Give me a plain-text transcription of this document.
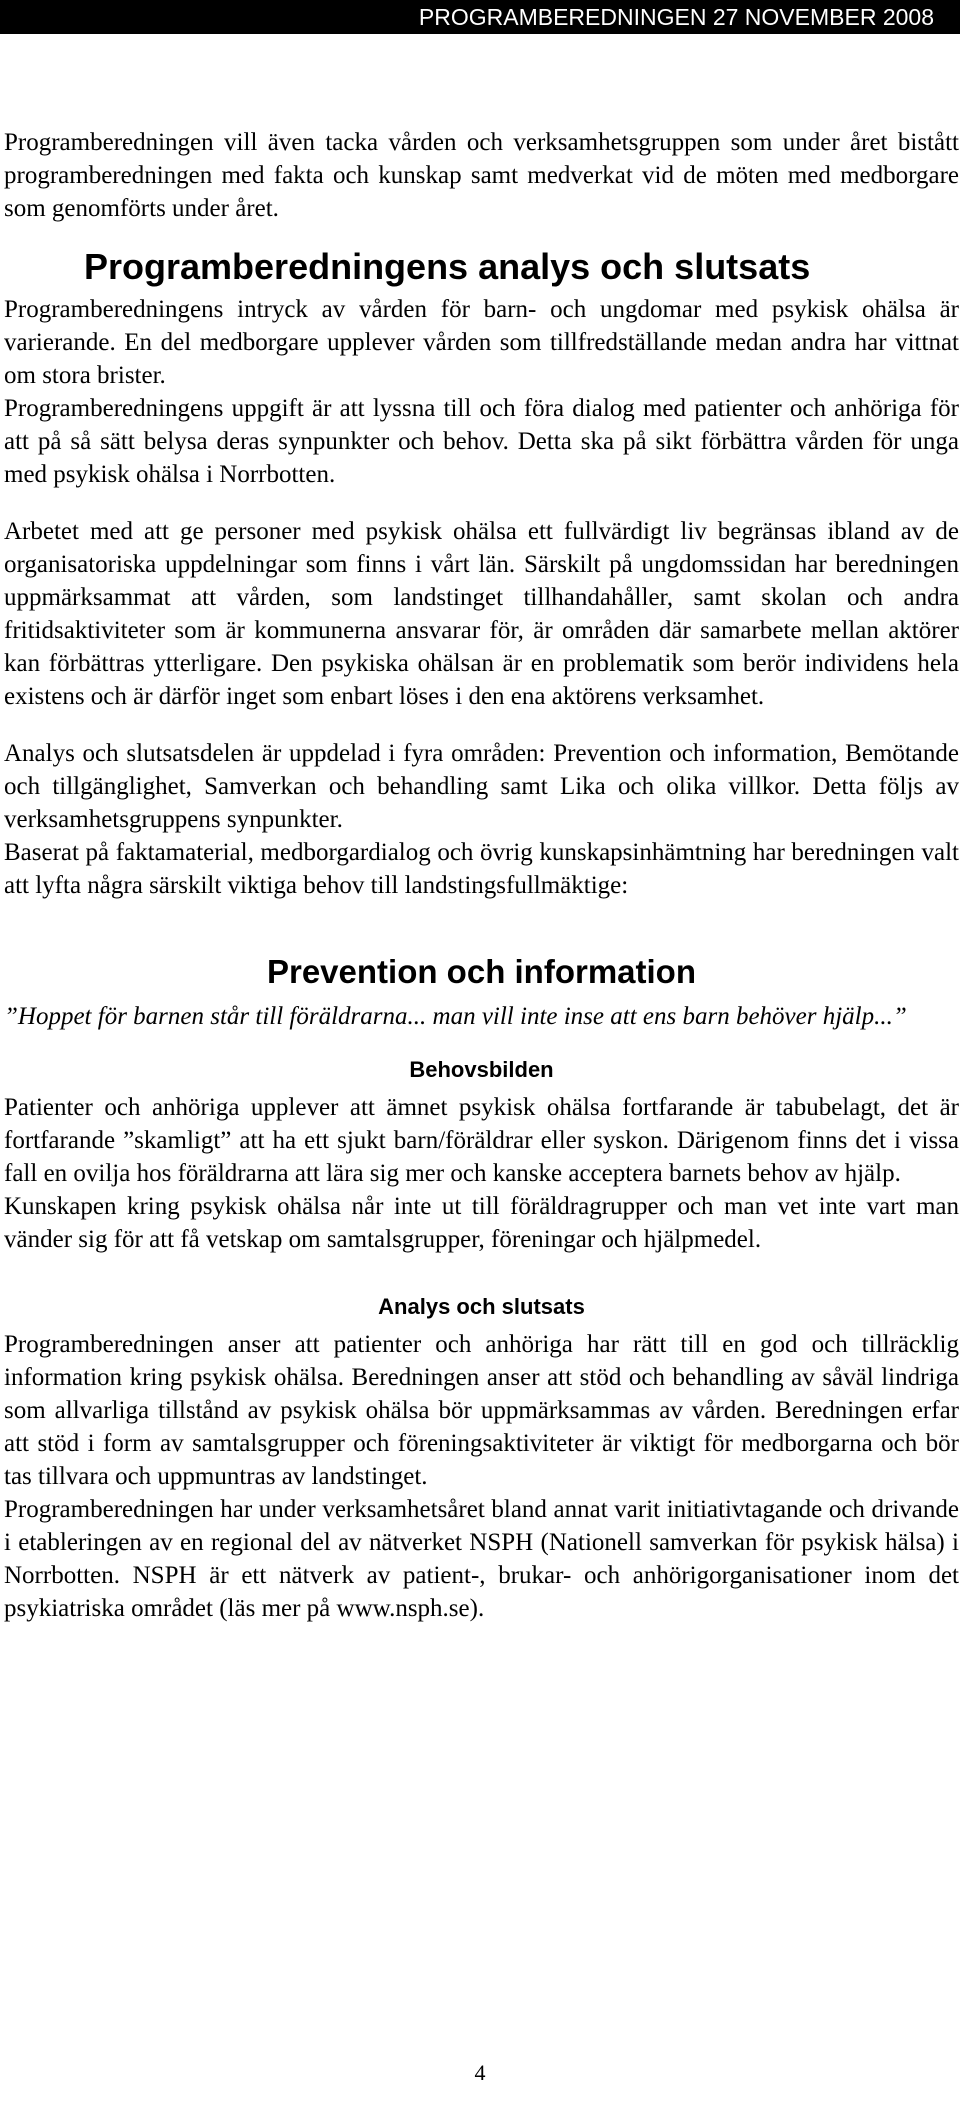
PROGRAMBEREDNINGEN 27 NOVEMBER 2008

Programberedningen vill även tacka vården och verksamhetsgruppen som under året bistått programberedningen med fakta och kunskap samt medverkat vid de möten med medborgare som genomförts under året.

Programberedningens analys och slutsats

Programberedningens intryck av vården för barn- och ungdomar med psykisk ohälsa är varierande. En del medborgare upplever vården som tillfredställande medan andra har vittnat om stora brister.

Programberedningens uppgift är att lyssna till och föra dialog med patienter och anhöriga för att på så sätt belysa deras synpunkter och behov. Detta ska på sikt förbättra vården för unga med psykisk ohälsa i Norrbotten.

Arbetet med att ge personer med psykisk ohälsa ett fullvärdigt liv begränsas ibland av de organisatoriska uppdelningar som finns i vårt län. Särskilt på ungdomssidan har beredningen uppmärksammat att vården, som landstinget tillhandahåller, samt skolan och andra fritidsaktiviteter som är kommunerna ansvarar för, är områden där samarbete mellan aktörer kan förbättras ytterligare. Den psykiska ohälsan är en problematik som berör individens hela existens och är därför inget som enbart löses i den ena aktörens verksamhet.

Analys och slutsatsdelen är uppdelad i fyra områden: Prevention och information, Bemötande och tillgänglighet, Samverkan och behandling samt Lika och olika villkor. Detta följs av verksamhetsgruppens synpunkter.

Baserat på faktamaterial, medborgardialog och övrig kunskapsinhämtning har beredningen valt att lyfta några särskilt viktiga behov till landstingsfullmäktige:

Prevention och information

”Hoppet för barnen står till föräldrarna... man vill inte inse att ens barn behöver hjälp...”

Behovsbilden

Patienter och anhöriga upplever att ämnet psykisk ohälsa fortfarande är tabubelagt, det är fortfarande ”skamligt” att ha ett sjukt barn/föräldrar eller syskon. Därigenom finns det i vissa fall en ovilja hos föräldrarna att lära sig mer och kanske acceptera barnets behov av hjälp.

Kunskapen kring psykisk ohälsa når inte ut till föräldragrupper och man vet inte vart man vänder sig för att få vetskap om samtalsgrupper, föreningar och hjälpmedel.

Analys och slutsats

Programberedningen anser att patienter och anhöriga har rätt till en god och tillräcklig information kring psykisk ohälsa. Beredningen anser att stöd och behandling av såväl lindriga som allvarliga tillstånd av psykisk ohälsa bör uppmärksammas av vården. Beredningen erfar att stöd i form av samtalsgrupper och föreningsaktiviteter är viktigt för medborgarna och bör tas tillvara och uppmuntras av landstinget.

Programberedningen har under verksamhetsåret bland annat varit initiativtagande och drivande i etableringen av en regional del av nätverket NSPH (Nationell samverkan för psykisk hälsa) i Norrbotten. NSPH är ett nätverk av patient-, brukar- och anhörigorganisationer inom det psykiatriska området (läs mer på www.nsph.se).

4
